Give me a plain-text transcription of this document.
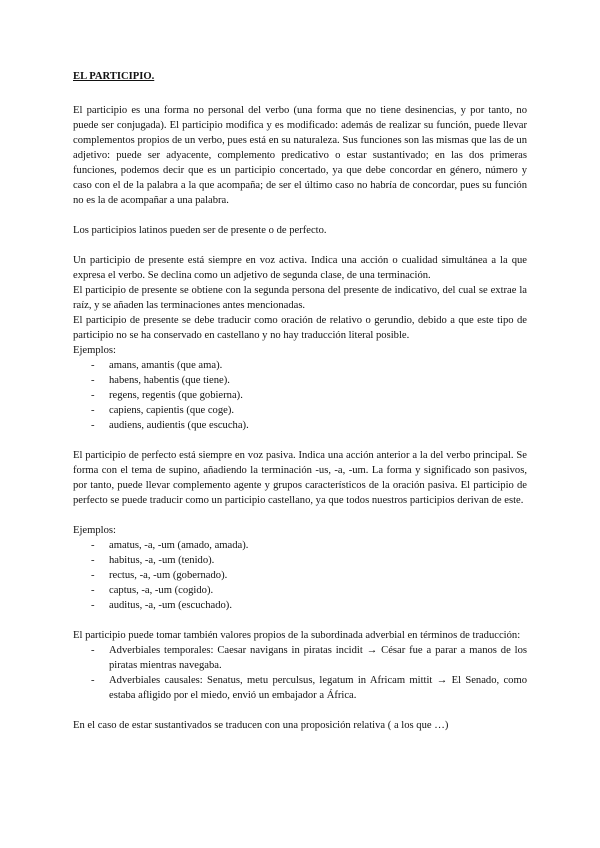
EL PARTICIPIO.

El participio es una forma no personal del verbo (una forma que no tiene desinencias, y por tanto, no puede ser conjugada). El participio modifica y es modificado: además de realizar su función, puede llevar complementos propios de un verbo, pues está en su naturaleza. Sus funciones son las mismas que las de un adjetivo: puede ser adyacente, complemento predicativo o estar sustantivado; en las dos primeras funciones, podemos decir que es un participio concertado, ya que debe concordar en género, número y caso con el de la palabra a la que acompaña; de ser el último caso no habría de concordar, pues su función no es la de acompañar a una palabra.

Los participios latinos pueden ser de presente o de perfecto.

Un participio de presente está siempre en voz activa. Indica una acción o cualidad simultánea a la que expresa el verbo. Se declina como un adjetivo de segunda clase, de una terminación.

El participio de presente se obtiene con la segunda persona del presente de indicativo, del cual se extrae la raíz, y se añaden las terminaciones antes mencionadas.

El participio de presente se debe traducir como oración de relativo o gerundio, debido a que este tipo de participio no se ha conservado en castellano y no hay traducción literal posible.

Ejemplos:

- amans, amantis (que ama).
- habens, habentis (que tiene).
- regens, regentis (que gobierna).
- capiens, capientis (que coge).
- audiens, audientis (que escucha).

El participio de perfecto está siempre en voz pasiva. Indica una acción anterior a la del verbo principal. Se forma con el tema de supino, añadiendo la terminación -us, -a, -um. La forma y significado son pasivos, por tanto, puede llevar complemento agente y grupos característicos de la oración pasiva. El participio de perfecto se puede traducir como un participio castellano, ya que todos nuestros participios derivan de este.

Ejemplos:

- amatus, -a, -um (amado, amada).
- habitus, -a, -um (tenido).
- rectus, -a, -um (gobernado).
- captus, -a, -um (cogido).
- auditus, -a, -um (escuchado).

El participio puede tomar también valores propios de la subordinada adverbial en términos de traducción:

- Adverbiales temporales: Caesar navigans in piratas incidit → César fue a parar a manos de los piratas mientras navegaba.
- Adverbiales causales: Senatus, metu perculsus, legatum in Africam mittit → El Senado, como estaba afligido por el miedo, envió un embajador a África.

En el caso de estar sustantivados se traducen con una proposición relativa ( a los que …)
